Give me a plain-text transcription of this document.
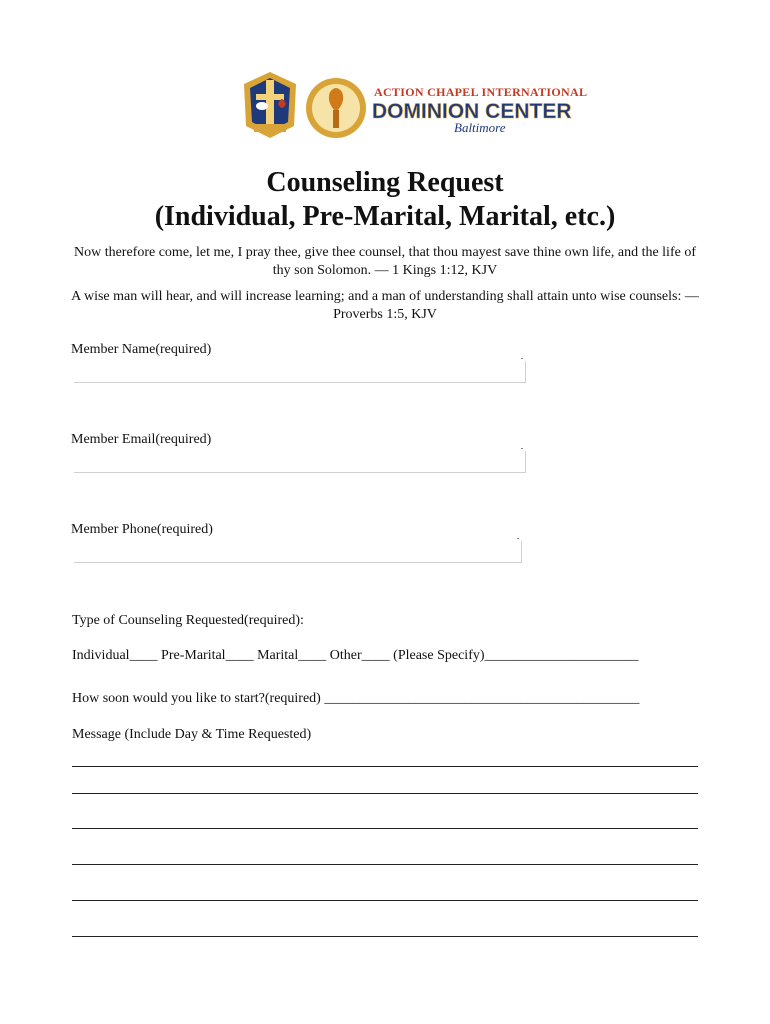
ACTION CHAPEL INTERNATIONAL
DOMINION CENTER
Baltimore
Counseling Request
(Individual, Pre-Marital, Marital, etc.)
Now therefore come, let me, I pray thee, give thee counsel, that thou mayest save thine own life, and the life of thy son Solomon. — 1 Kings 1:12, KJV
A wise man will hear, and will increase learning; and a man of understanding shall attain unto wise counsels: — Proverbs 1:5, KJV
Member Name(required)
Member Email(required)
Member Phone(required)
Type of Counseling Requested(required):
Individual____ Pre-Marital____ Marital____ Other____ (Please Specify)______________________
How soon would you like to start?(required) _____________________________________________
Message (Include Day & Time Requested)
